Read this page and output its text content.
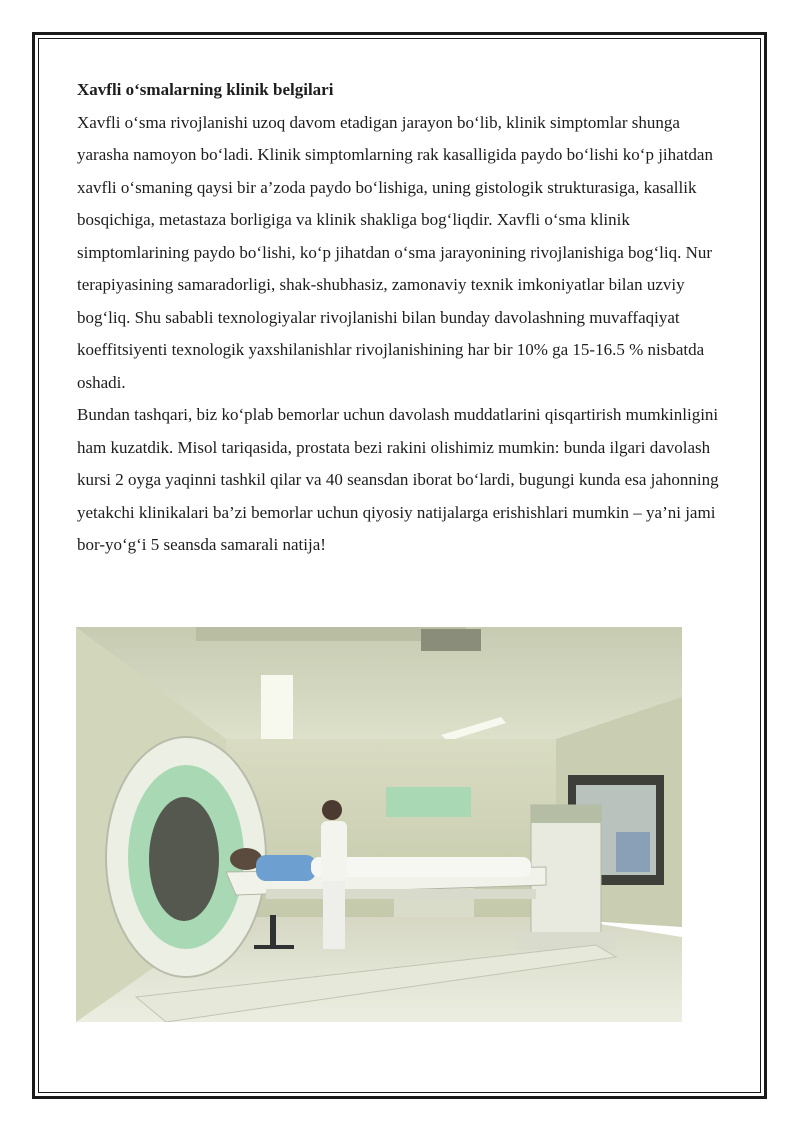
Xavfli o‘smalarning klinik belgilari

Xavfli o‘sma rivojlanishi uzoq davom etadigan jarayon bo‘lib, klinik simptomlar shunga yarasha namoyon bo‘ladi. Klinik simptomlarning rak kasalligida paydo bo‘lishi ko‘p jihatdan xavfli o‘smaning qaysi bir a’zoda paydo bo‘lishiga, uning gistologik strukturasiga, kasallik bosqichiga, metastaza borligiga va klinik shakliga bog‘liqdir. Xavfli o‘sma klinik simptomlarining paydo bo‘lishi, ko‘p jihatdan o‘sma jarayonining rivojlanishiga bog‘liq. Nur terapiyasining samaradorligi, shak-shubhasiz, zamonaviy texnik imkoniyatlar bilan uzviy bog‘liq. Shu sababli texnologiyalar rivojlanishi bilan bunday davolashning muvaffaqiyat koeffitsiyenti texnologik yaxshilanishlar rivojlanishining har bir 10% ga 15-16.5 % nisbatda oshadi.

Bundan tashqari, biz ko‘plab bemorlar uchun davolash muddatlarini qisqartirish mumkinligini ham kuzatdik. Misol tariqasida, prostata bezi rakini olishimiz mumkin: bunda ilgari davolash kursi 2 oyga yaqinni tashkil qilar va 40 seansdan iborat bo‘lardi, bugungi kunda esa jahonning yetakchi klinikalari ba’zi bemorlar uchun qiyosiy natijalarga erishishlari mumkin – ya’ni jami bor-yo‘g‘i 5 seansda samarali natija!
